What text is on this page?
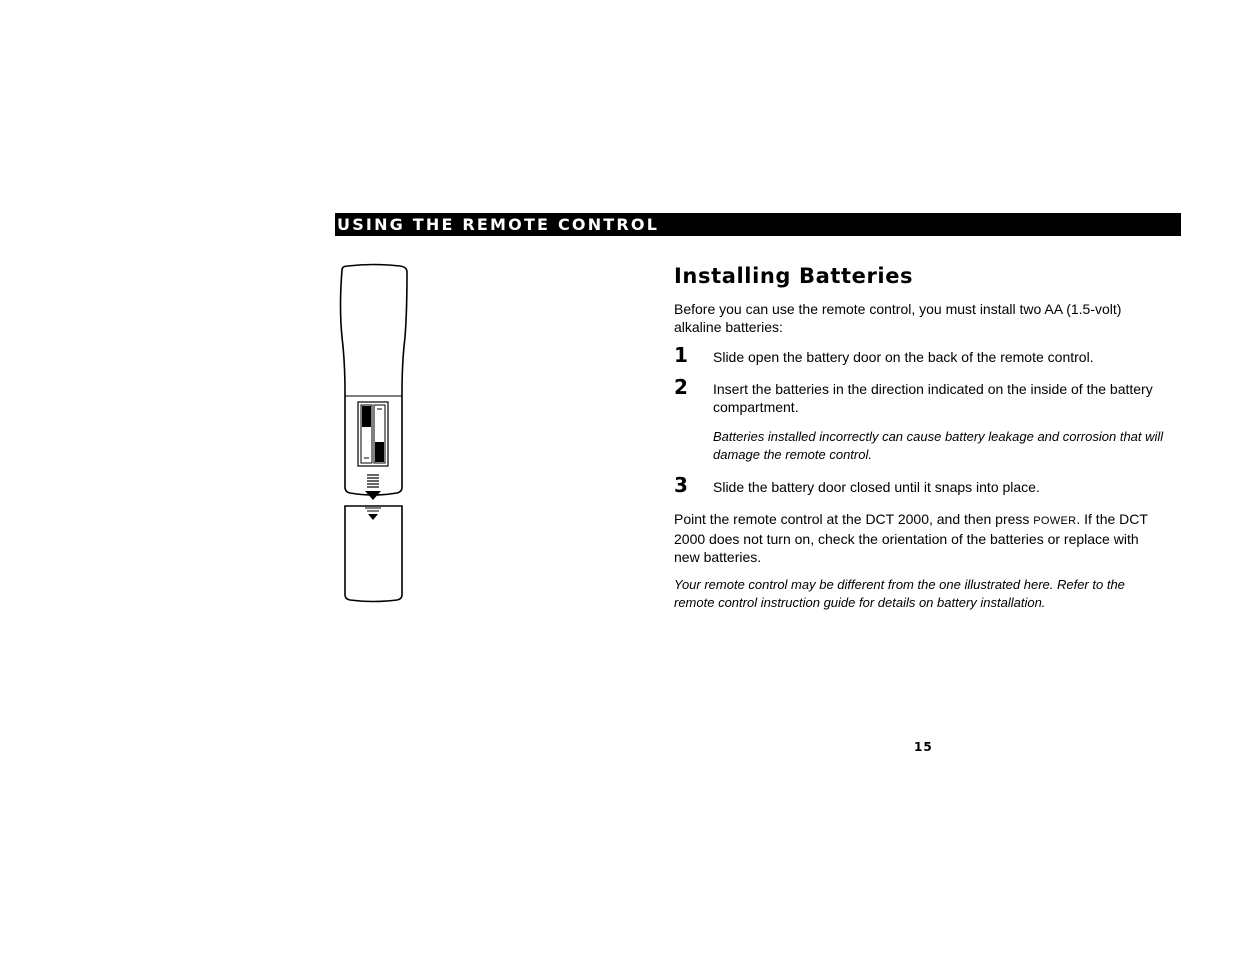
USING THE REMOTE CONTROL
Installing Batteries

Before you can use the remote control, you must install two AA (1.5-volt) alkaline batteries:

1 Slide open the battery door on the back of the remote control.

2 Insert the batteries in the direction indicated on the inside of the battery compartment.

Batteries installed incorrectly can cause battery leakage and corrosion that will damage the remote control.

3 Slide the battery door closed until it snaps into place.

Point the remote control at the DCT 2000, and then press POWER. If the DCT 2000 does not turn on, check the orientation of the batteries or replace with new batteries.

Your remote control may be different from the one illustrated here. Refer to the remote control instruction guide for details on battery installation.

15
